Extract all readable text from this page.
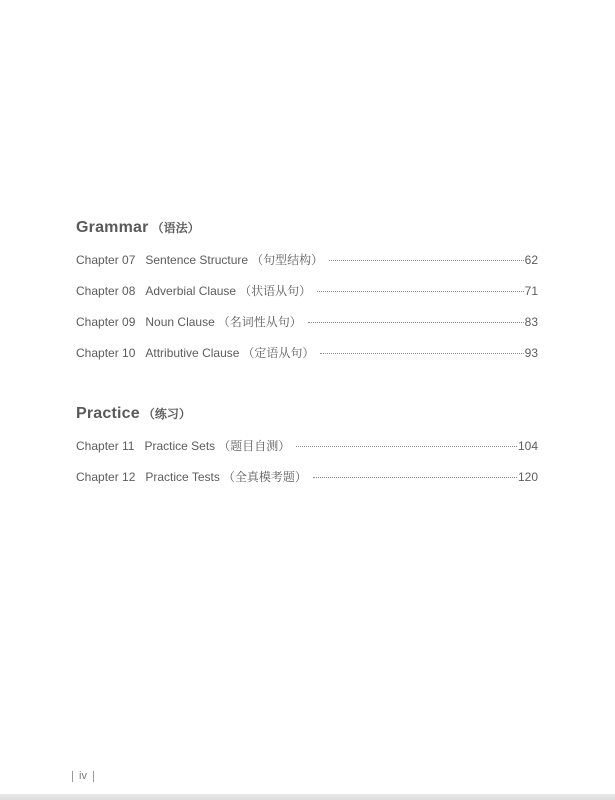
Grammar （语法）
Chapter 07 Sentence Structure （句型结构）	62
Chapter 08 Adverbial Clause （状语从句）	71
Chapter 09 Noun Clause （名词性从句）	83
Chapter 10 Attributive Clause （定语从句）	93
Practice （练习）
Chapter 11 Practice Sets （题目自测）	104
Chapter 12 Practice Tests （全真模考题）	120
iv
